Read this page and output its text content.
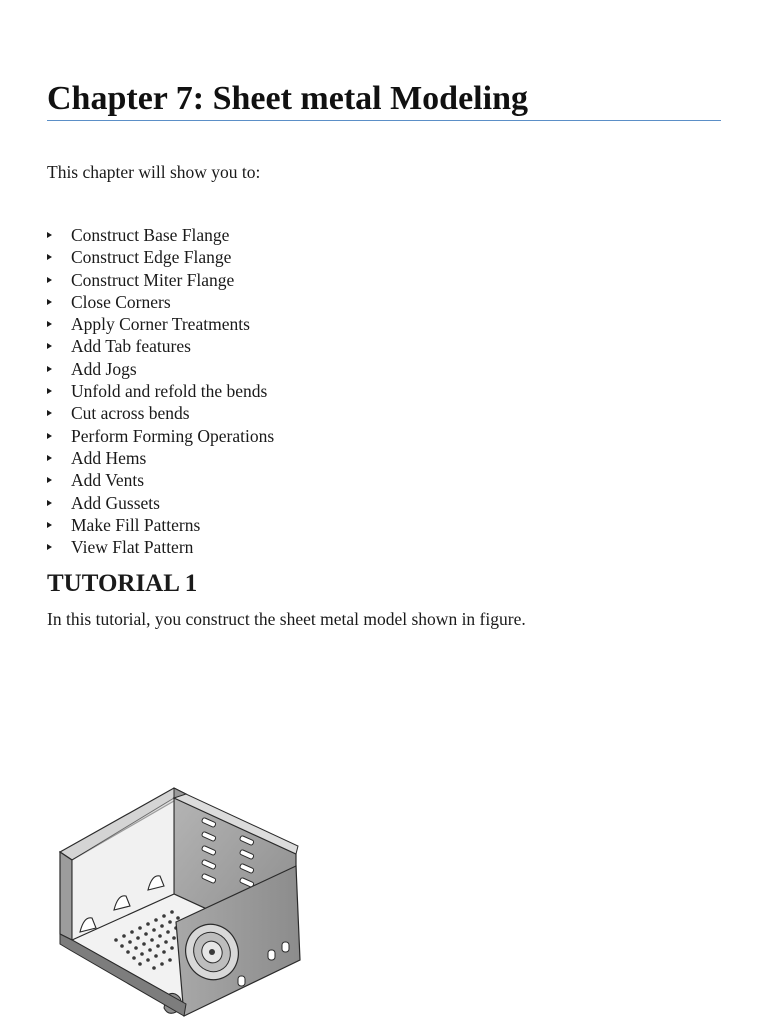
Chapter 7: Sheet metal Modeling

This chapter will show you to:

Construct Base Flange
Construct Edge Flange
Construct Miter Flange
Close Corners
Apply Corner Treatments
Add Tab features
Add Jogs
Unfold and refold the bends
Cut across bends
Perform Forming Operations
Add Hems
Add Vents
Add Gussets
Make Fill Patterns
View Flat Pattern
TUTORIAL 1

In this tutorial, you construct the sheet metal model shown in figure.
